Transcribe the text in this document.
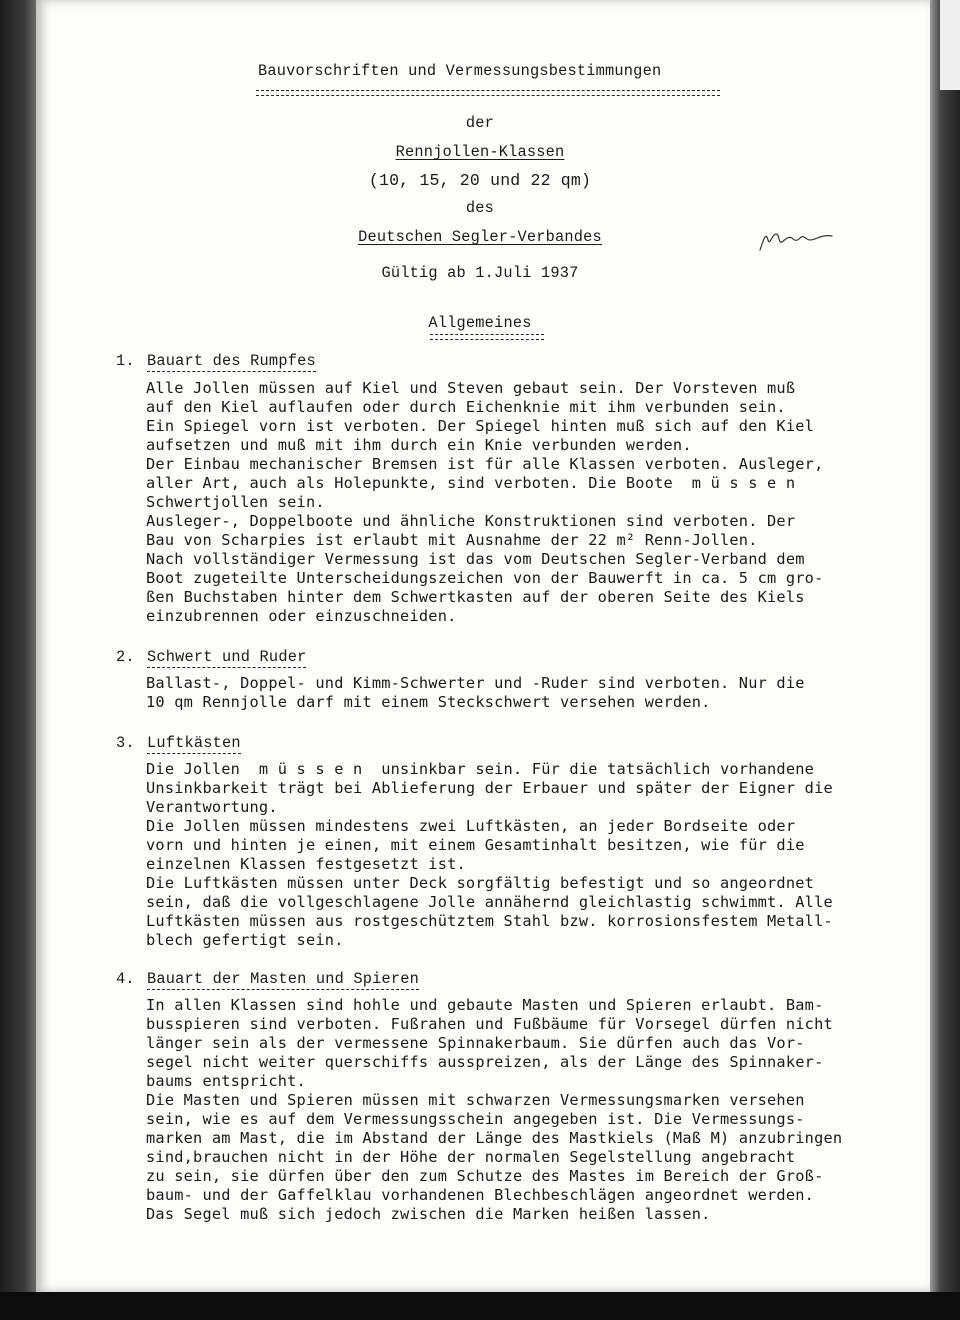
Bauvorschriften und Vermessungsbestimmungen
der
Rennjollen-Klassen
(10, 15, 20 und 22 qm)
des
Deutschen Segler-Verbandes
Gültig ab 1.Juli 1937
Allgemeines
1. Bauart des Rumpfes
Alle Jollen müssen auf Kiel und Steven gebaut sein. Der Vorsteven muß
auf den Kiel auflaufen oder durch Eichenknie mit ihm verbunden sein.
Ein Spiegel vorn ist verboten. Der Spiegel hinten muß sich auf den Kiel
aufsetzen und muß mit ihm durch ein Knie verbunden werden.
Der Einbau mechanischer Bremsen ist für alle Klassen verboten. Ausleger,
aller Art, auch als Holepunkte, sind verboten. Die Boote  m ü s s e n
Schwertjollen sein.
Ausleger-, Doppelboote und ähnliche Konstruktionen sind verboten. Der
Bau von Scharpies ist erlaubt mit Ausnahme der 22 m² Renn-Jollen.
Nach vollständiger Vermessung ist das vom Deutschen Segler-Verband dem
Boot zugeteilte Unterscheidungszeichen von der Bauwerft in ca. 5 cm gro-
ßen Buchstaben hinter dem Schwertkasten auf der oberen Seite des Kiels
einzubrennen oder einzuschneiden.
2. Schwert und Ruder
Ballast-, Doppel- und Kimm-Schwerter und -Ruder sind verboten. Nur die
10 qm Rennjolle darf mit einem Steckschwert versehen werden.
3. Luftkästen
Die Jollen  m ü s s e n  unsinkbar sein. Für die tatsächlich vorhandene
Unsinkbarkeit trägt bei Ablieferung der Erbauer und später der Eigner die
Verantwortung.
Die Jollen müssen mindestens zwei Luftkästen, an jeder Bordseite oder
vorn und hinten je einen, mit einem Gesamtinhalt besitzen, wie für die
einzelnen Klassen festgesetzt ist.
Die Luftkästen müssen unter Deck sorgfältig befestigt und so angeordnet
sein, daß die vollgeschlagene Jolle annähernd gleichlastig schwimmt. Alle
Luftkästen müssen aus rostgeschütztem Stahl bzw. korrosionsfestem Metall-
blech gefertigt sein.
4. Bauart der Masten und Spieren
In allen Klassen sind hohle und gebaute Masten und Spieren erlaubt. Bam-
busspieren sind verboten. Fußrahen und Fußbäume für Vorsegel dürfen nicht
länger sein als der vermessene Spinnakerbaum. Sie dürfen auch das Vor-
segel nicht weiter querschiffs ausspreizen, als der Länge des Spinnaker-
baums entspricht.
Die Masten und Spieren müssen mit schwarzen Vermessungsmarken versehen
sein, wie es auf dem Vermessungsschein angegeben ist. Die Vermessungs-
marken am Mast, die im Abstand der Länge des Mastkiels (Maß M) anzubringen
sind,brauchen nicht in der Höhe der normalen Segelstellung angebracht
zu sein, sie dürfen über den zum Schutze des Mastes im Bereich der Groß-
baum- und der Gaffelklau vorhandenen Blechbeschlägen angeordnet werden.
Das Segel muß sich jedoch zwischen die Marken heißen lassen.
